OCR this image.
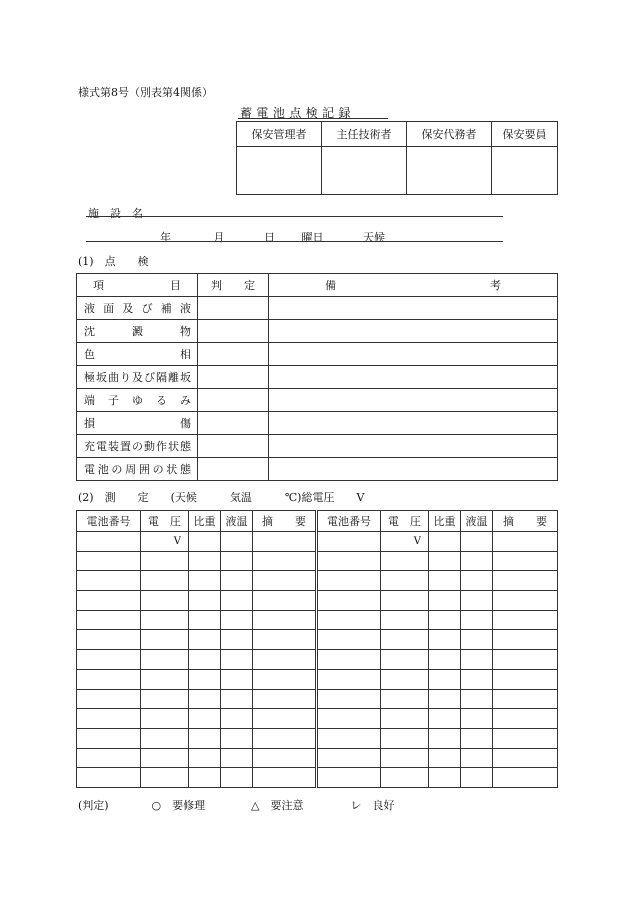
様式第8号（別表第4関係）
蓄 電 池 点 検 記 録
保安管理者	主任技術者	保安代務者	保安要員

施　設　名
年	月	日 曜日	天候
(1)　点　　検
項　　　　　　目	判　　定	備　　　　　　　　　　　　　　考
液面及び補液		
沈澱物		
色相		
極坂曲り及び隔離坂		
端子ゆるみ		
損傷		
充電装置の動作状態		
電池の周囲の状態		
(2)　測　　定　　(天候　　　気温　　　℃)総電圧　　V
電池番号	電　圧	比重	液温	摘　　要	電池番号	電　圧	比重	液温	摘　　要
	V					V			

(判定)	○　要修理	△　要注意	レ　良好
